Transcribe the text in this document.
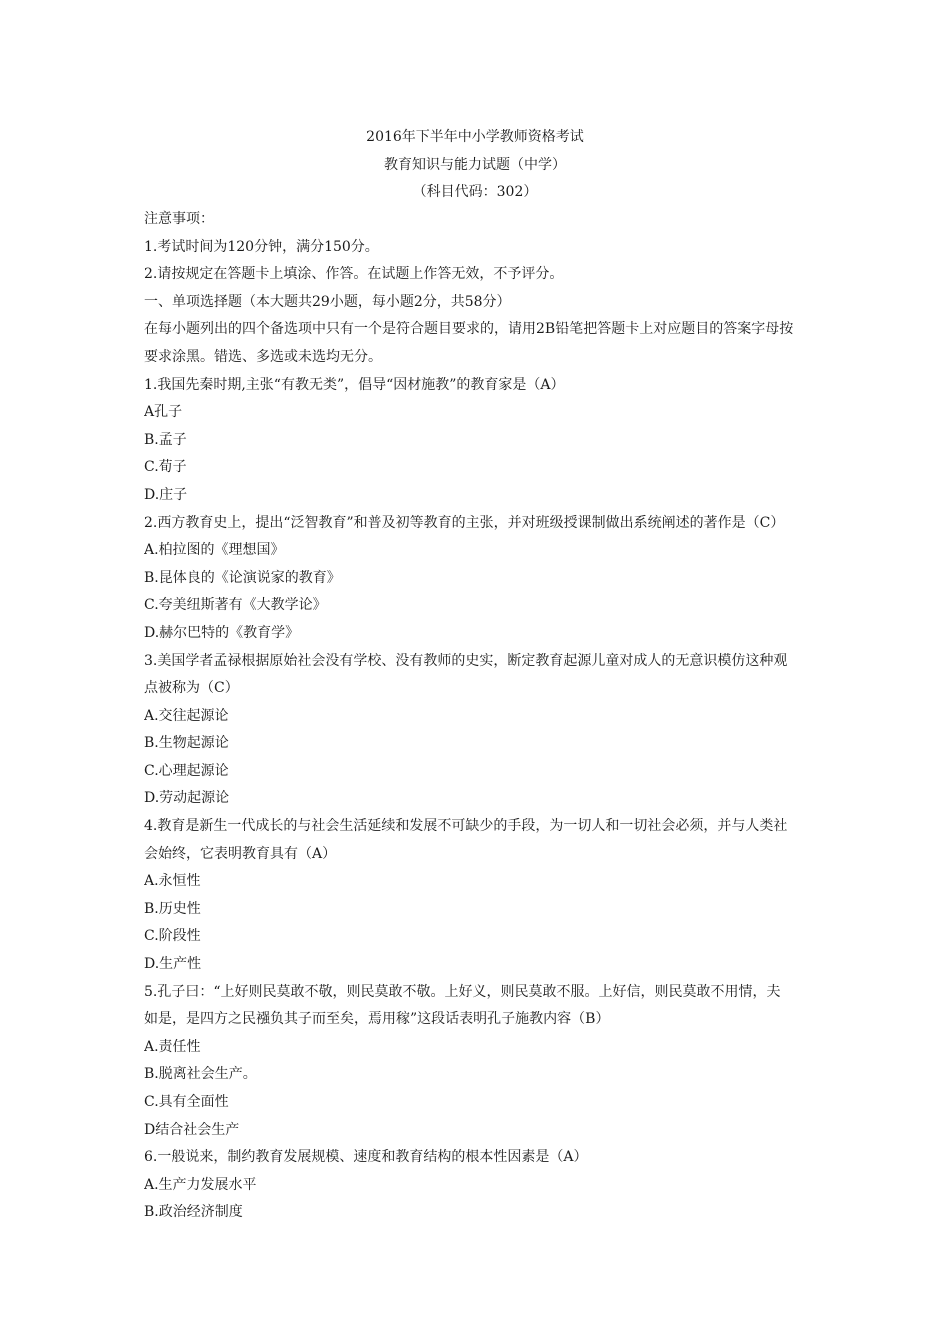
2016年下半年中小学教师资格考试
教育知识与能力试题（中学）
（科目代码：302）
注意事项：
1.考试时间为120分钟，满分150分。
2.请按规定在答题卡上填涂、作答。在试题上作答无效，不予评分。
一、单项选择题（本大题共29小题，每小题2分，共58分）
在每小题列出的四个备选项中只有一个是符合题目要求的，请用2B铅笔把答题卡上对应题目的答案字母按
要求涂黑。错选、多选或未选均无分。
1.我国先秦时期,主张“有教无类”，倡导“因材施教”的教育家是（A）
A孔子
B.孟子
C.荀子
D.庄子
2.西方教育史上，提出“泛智教育”和普及初等教育的主张，并对班级授课制做出系统阐述的著作是（C）
A.柏拉图的《理想国》
B.昆体良的《论演说家的教育》
C.夸美纽斯著有《大教学论》
D.赫尔巴特的《教育学》
3.美国学者孟禄根据原始社会没有学校、没有教师的史实，断定教育起源儿童对成人的无意识模仿这种观
点被称为（C）
A.交往起源论
B.生物起源论
C.心理起源论
D.劳动起源论
4.教育是新生一代成长的与社会生活延续和发展不可缺少的手段，为一切人和一切社会必须，并与人类社
会始终，它表明教育具有（A）
A.永恒性
B.历史性
C.阶段性
D.生产性
5.孔子曰：“上好则民莫敢不敬，则民莫敢不敬。上好义，则民莫敢不服。上好信，则民莫敢不用情，夫
如是，是四方之民襁负其子而至矣，焉用稼”这段话表明孔子施教内容（B）
A.责任性
B.脱离社会生产。
C.具有全面性
D结合社会生产
6.一般说来，制约教育发展规模、速度和教育结构的根本性因素是（A）
A.生产力发展水平
B.政治经济制度
